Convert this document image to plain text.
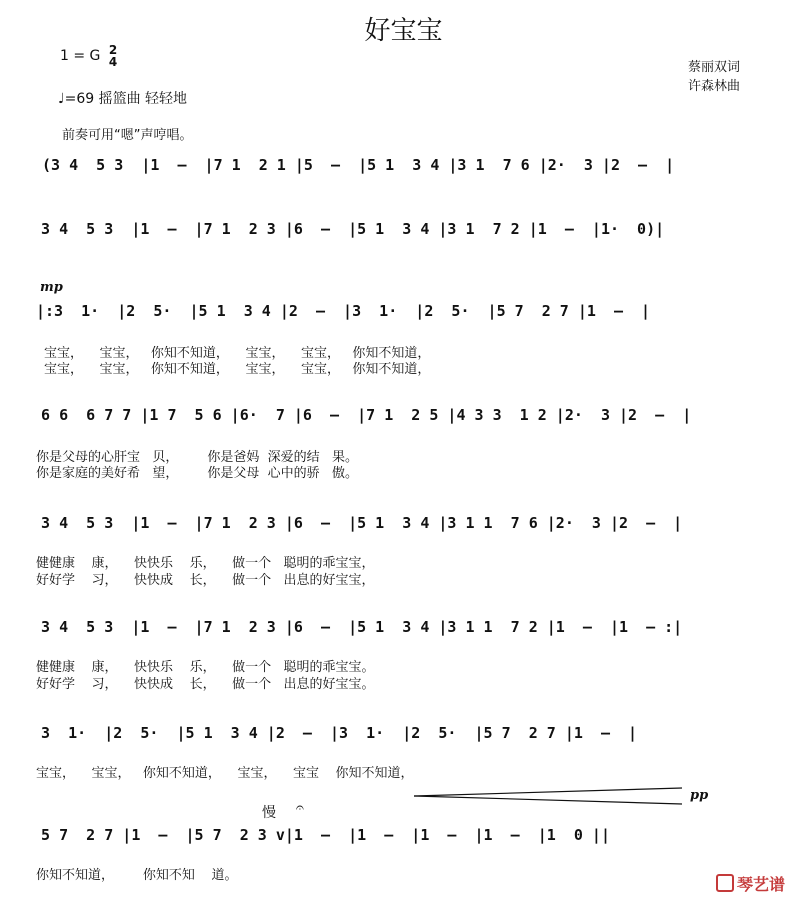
好宝宝
1 = G 2
4
♩=69 摇篮曲 轻轻地
蔡丽双词
许森林曲
前奏可用“嗯”声哼唱。
(3 4  5 3  |1  –  |7 1  2 1 |5  –  |5 1  3 4 |3 1  7 6 |2·  3 |2  –  |
3 4  5 3  |1  –  |7 1  2 3 |6  –  |5 1  3 4 |3 1  7 2 |1  –  |1·  0)|
mp
|:3  1·  |2  5·  |5 1  3 4 |2  –  |3  1·  |2  5·  |5 7  2 7 |1  –  |
宝宝，    宝宝，   你知不知道，    宝宝，    宝宝，   你知不知道，
宝宝，    宝宝，   你知不知道，    宝宝，    宝宝，   你知不知道，
6 6  6 7 7 |1 7  5 6 |6·  7 |6  –  |7 1  2 5 |4 3 3  1 2 |2·  3 |2  –  |
你是父母的心肝宝   贝，       你是爸妈  深爱的结   果。
你是家庭的美好希   望，       你是父母  心中的骄   傲。
3 4  5 3  |1  –  |7 1  2 3 |6  –  |5 1  3 4 |3 1 1  7 6 |2·  3 |2  –  |
健健康    康，    快快乐    乐，    做一个   聪明的乖宝宝，
好好学    习，    快快成    长，    做一个   出息的好宝宝，
3 4  5 3  |1  –  |7 1  2 3 |6  –  |5 1  3 4 |3 1 1  7 2 |1  –  |1  – :|
健健康    康，    快快乐    乐，    做一个   聪明的乖宝宝。
好好学    习，    快快成    长，    做一个   出息的好宝宝。
3  1·  |2  5·  |5 1  3 4 |2  –  |3  1·  |2  5·  |5 7  2 7 |1  –  |
宝宝，    宝宝，   你知不知道，    宝宝，    宝宝    你知不知道，
慢 𝄐
pp
5 7  2 7 |1  –  |5 7  2 3 v|1  –  |1  –  |1  –  |1  –  |1  0 ||
你知不知道，       你知不知    道。	琴艺谱
